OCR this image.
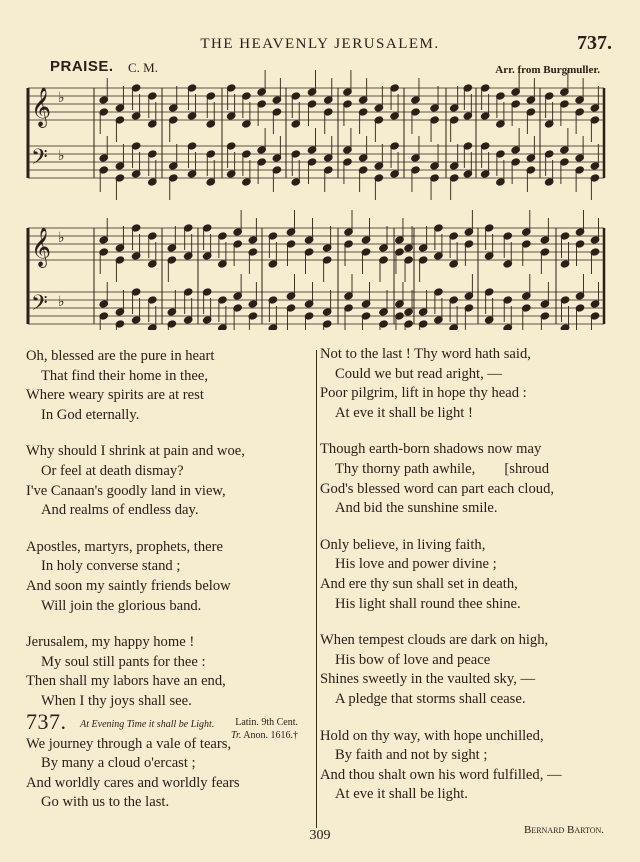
THE HEAVENLY JERUSALEM.	737.
PRAISE. C. M.	Arr. from Burgmuller.
𝄞 ♭
𝄢 ♭
𝄞 ♭
𝄢 ♭
Oh, blessed are the pure in heart
That find their home in thee,
Where weary spirits are at rest
In God eternally.
Why should I shrink at pain and woe,
Or feel at death dismay?
I've Canaan's goodly land in view,
And realms of endless day.
Apostles, martyrs, prophets, there
In holy converse stand ;
And soon my saintly friends below
Will join the glorious band.
Jerusalem, my happy home !
My soul still pants for thee :
Then shall my labors have an end,
When I thy joys shall see.
Latin. 9th Cent.
Tr. Anon. 1616.†
737. At Evening Time it shall be Light.
We journey through a vale of tears,
By many a cloud o'ercast ;
And worldly cares and worldly fears
Go with us to the last.
Not to the last ! Thy word hath said,
Could we but read aright, —
Poor pilgrim, lift in hope thy head :
At eve it shall be light !
Though earth-born shadows now may
Thy thorny path awhile,        [shroud
God's blessed word can part each cloud,
And bid the sunshine smile.
Only believe, in living faith,
His love and power divine ;
And ere thy sun shall set in death,
His light shall round thee shine.
When tempest clouds are dark on high,
His bow of love and peace
Shines sweetly in the vaulted sky, —
A pledge that storms shall cease.
Hold on thy way, with hope unchilled,
By faith and not by sight ;
And thou shalt own his word fulfilled, —
At eve it shall be light.
Bernard Barton.
309
